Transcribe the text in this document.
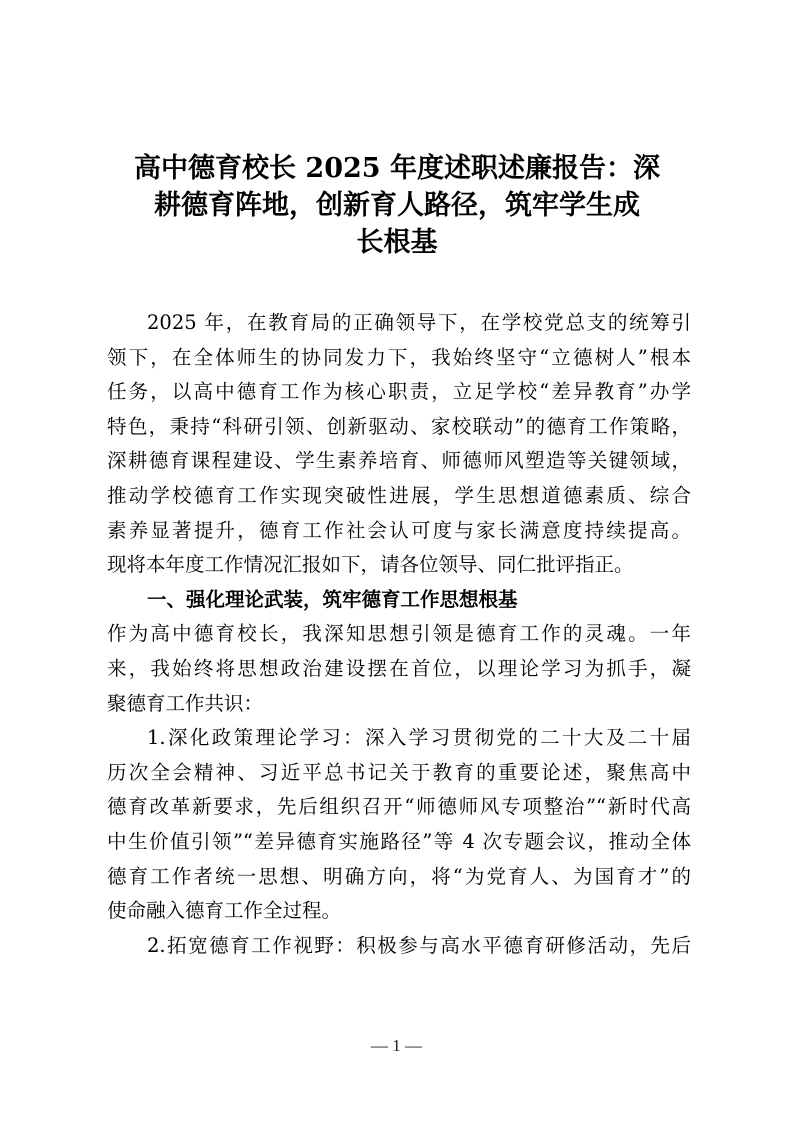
高中德育校长 2025 年度述职述廉报告：深
耕德育阵地，创新育人路径，筑牢学生成
长根基
2025 年，在教育局的正确领导下，在学校党总支的统筹引
领下，在全体师生的协同发力下，我始终坚守“立德树人”根本
任务，以高中德育工作为核心职责，立足学校“差异教育”办学
特色，秉持“科研引领、创新驱动、家校联动”的德育工作策略，
深耕德育课程建设、学生素养培育、师德师风塑造等关键领域，
推动学校德育工作实现突破性进展，学生思想道德素质、综合
素养显著提升，德育工作社会认可度与家长满意度持续提高。
现将本年度工作情况汇报如下，请各位领导、同仁批评指正。
一、强化理论武装，筑牢德育工作思想根基
作为高中德育校长，我深知思想引领是德育工作的灵魂。一年
来，我始终将思想政治建设摆在首位，以理论学习为抓手，凝
聚德育工作共识：
1.深化政策理论学习：深入学习贯彻党的二十大及二十届
历次全会精神、习近平总书记关于教育的重要论述，聚焦高中
德育改革新要求，先后组织召开“师德师风专项整治”“新时代高
中生价值引领”“差异德育实施路径”等 4 次专题会议，推动全体
德育工作者统一思想、明确方向，将“为党育人、为国育才”的
使命融入德育工作全过程。
2.拓宽德育工作视野：积极参与高水平德育研修活动，先后
— 1 —
